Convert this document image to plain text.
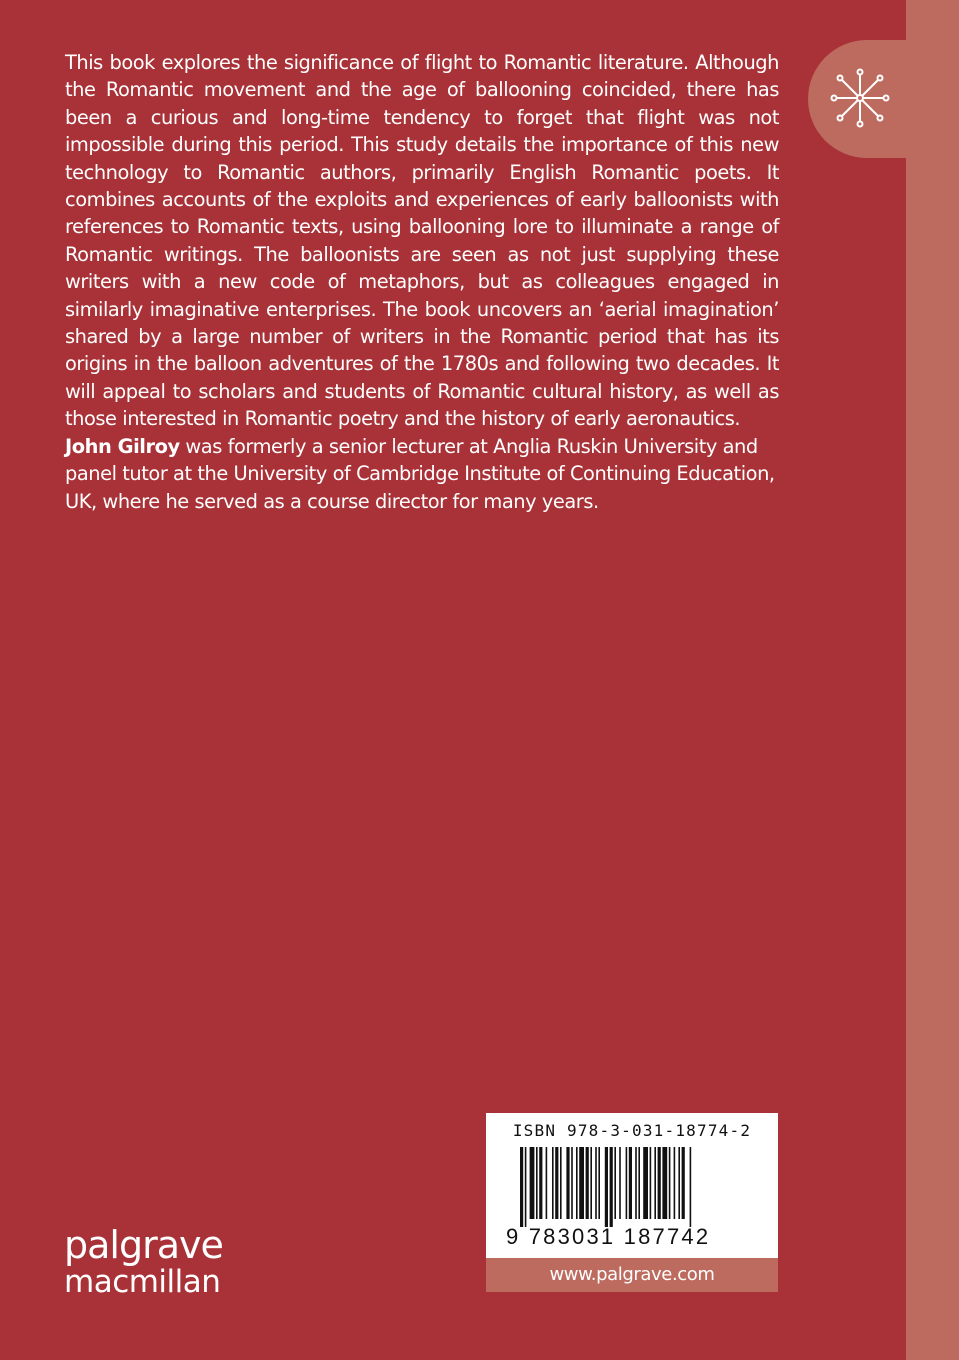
This book explores the significance of flight to Romantic literature. Although the Romantic movement and the age of ballooning coincided, there has been a curious and long-time tendency to forget that flight was not impossible during this period. This study details the importance of this new technology to Romantic authors, primarily English Romantic poets. It combines accounts of the exploits and experiences of early balloonists with references to Romantic texts, using ballooning lore to illuminate a range of Romantic writings. The balloonists are seen as not just supplying these writers with a new code of metaphors, but as colleagues engaged in similarly imaginative enterprises. The book uncovers an ‘aerial imagination’ shared by a large number of writers in the Romantic period that has its origins in the balloon adventures of the 1780s and following two decades. It will appeal to scholars and students of Romantic cultural history, as well as those interested in Romantic poetry and the history of early aeronautics.

John Gilroy was formerly a senior lecturer at Anglia Ruskin University and panel tutor at the University of Cambridge Institute of Continuing Education, UK, where he served as a course director for many years.

palgrave
macmillan
ISBN 978-3-031-18774-2
9 783031 187742
www.palgrave.com
